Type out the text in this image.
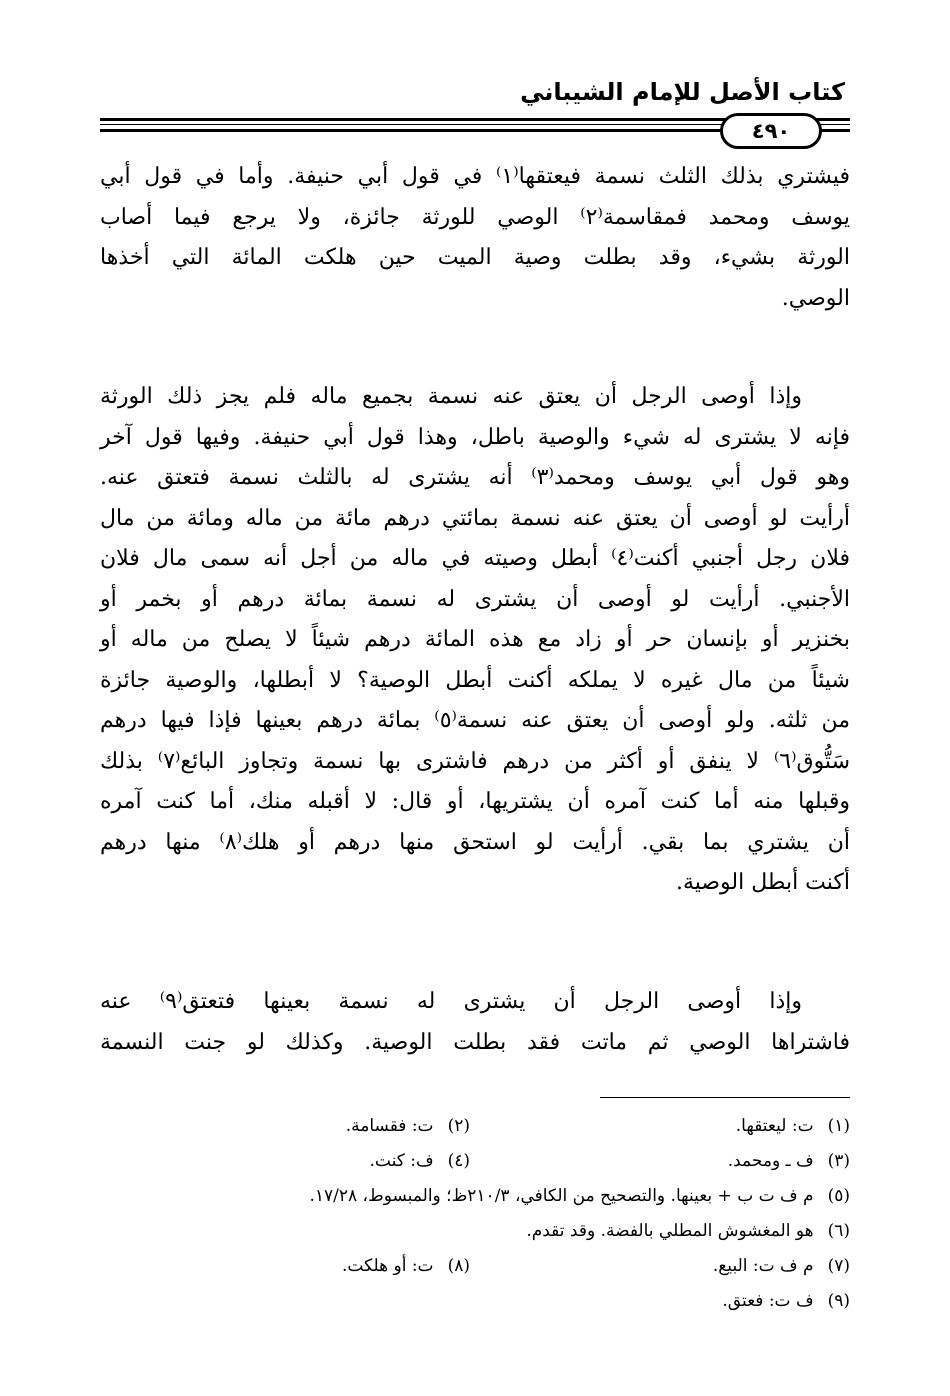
كتاب الأصل للإمام الشيباني
٤٩٠
فيشتري بذلك الثلث نسمة فيعتقها⁽١⁾ في قول أبي حنيفة. وأما في قول أبي
يوسف ومحمد فمقاسمة⁽٢⁾ الوصي للورثة جائزة، ولا يرجع فيما أصاب
الورثة بشيء، وقد بطلت وصية الميت حين هلكت المائة التي أخذها
الوصي.
وإذا أوصى الرجل أن يعتق عنه نسمة بجميع ماله فلم يجز ذلك الورثة
فإنه لا يشترى له شيء والوصية باطل، وهذا قول أبي حنيفة. وفيها قول آخر
وهو قول أبي يوسف ومحمد⁽٣⁾ أنه يشترى له بالثلث نسمة فتعتق عنه.
أرأيت لو أوصى أن يعتق عنه نسمة بمائتي درهم مائة من ماله ومائة من مال
فلان رجل أجنبي أكنت⁽٤⁾ أبطل وصيته في ماله من أجل أنه سمى مال فلان
الأجنبي. أرأيت لو أوصى أن يشترى له نسمة بمائة درهم أو بخمر أو
بخنزير أو بإنسان حر أو زاد مع هذه المائة درهم شيئاً لا يصلح من ماله أو
شيئاً من مال غيره لا يملكه أكنت أبطل الوصية؟ لا أبطلها، والوصية جائزة
من ثلثه. ولو أوصى أن يعتق عنه نسمة⁽٥⁾ بمائة درهم بعينها فإذا فيها درهم
سَتُّوق⁽٦⁾ لا ينفق أو أكثر من درهم فاشترى بها نسمة وتجاوز البائع⁽٧⁾ بذلك
وقبلها منه أما كنت آمره أن يشتريها، أو قال: لا أقبله منك، أما كنت آمره
أن يشتري بما بقي. أرأيت لو استحق منها درهم أو هلك⁽٨⁾ منها درهم
أكنت أبطل الوصية.
وإذا أوصى الرجل أن يشترى له نسمة بعينها فتعتق⁽٩⁾ عنه
فاشتراها الوصي ثم ماتت فقد بطلت الوصية. وكذلك لو جنت النسمة
(١)ت: ليعتقها.
(٢)ت: فقسامة.
(٣)ف ـ ومحمد.
(٤)ف: كنت.
(٥)م ف ت ب + بعينها. والتصحيح من الكافي، ٢١٠/٣ظ؛ والمبسوط، ١٧/٢٨.
(٦)هو المغشوش المطلي بالفضة. وقد تقدم.
(٧)م ف ت: البيع.
(٨)ت: أو هلكت.
(٩)ف ت: فعتق.
